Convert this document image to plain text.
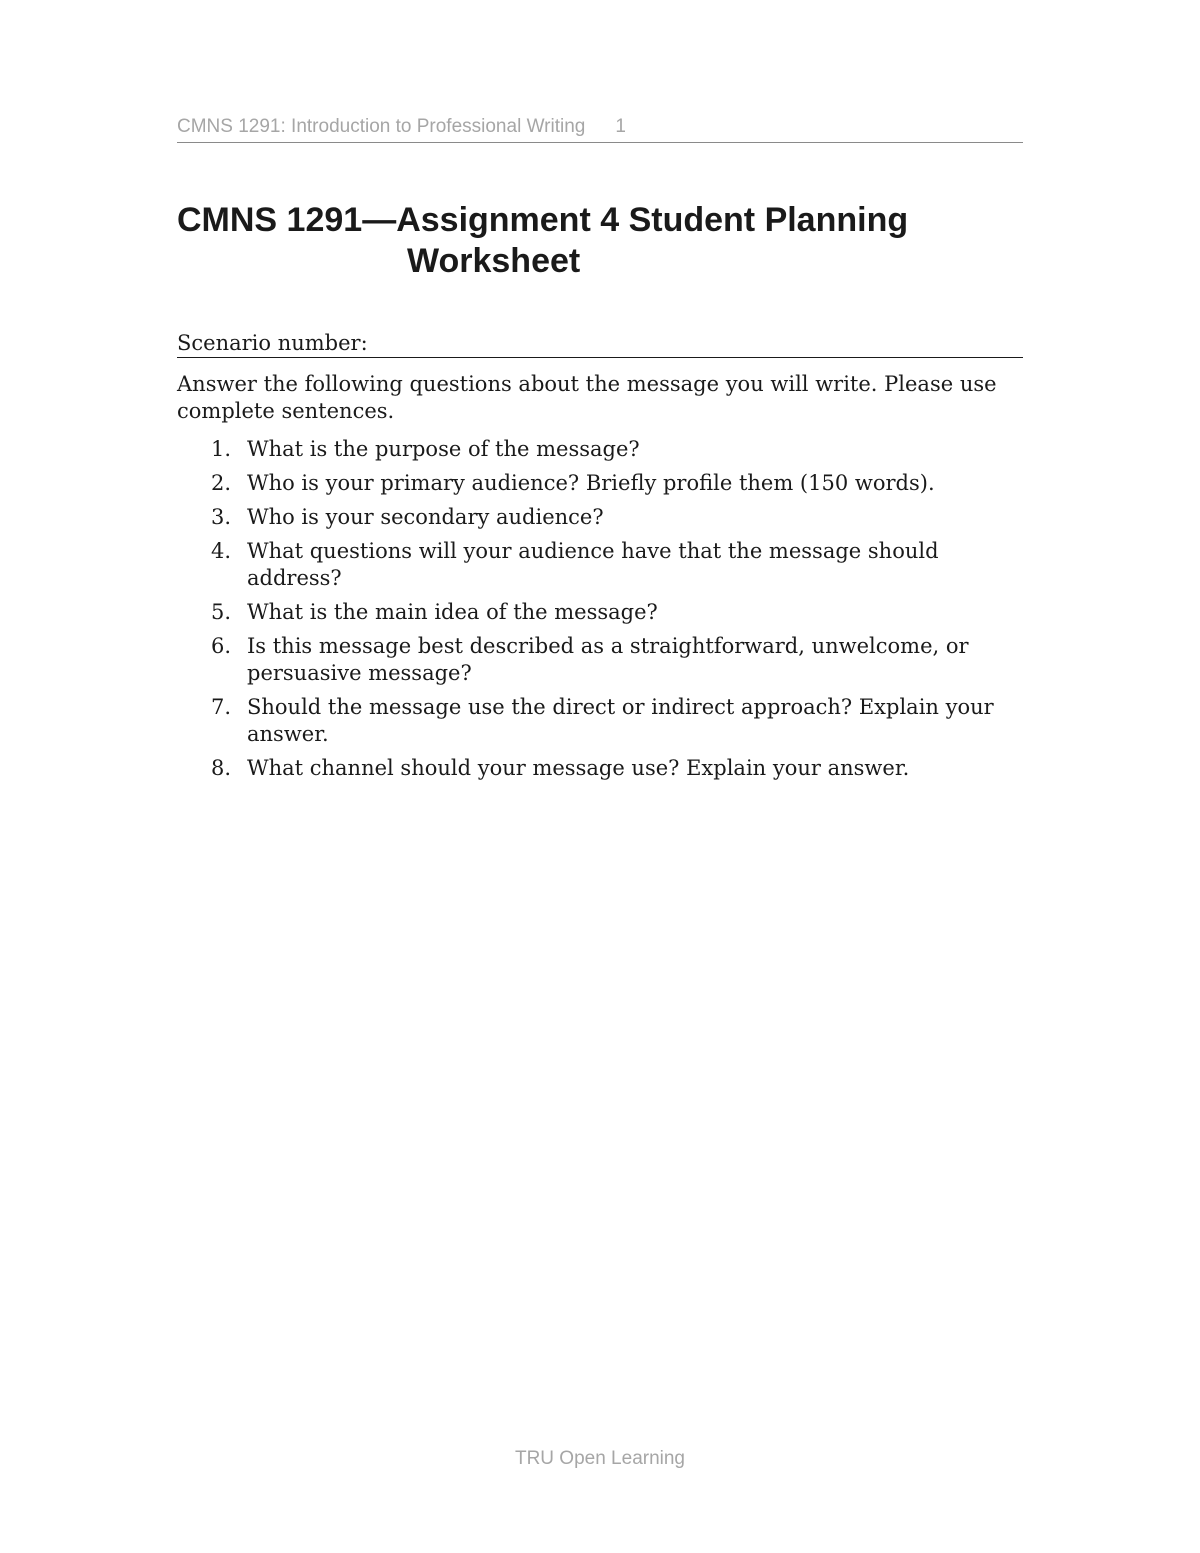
CMNS 1291: Introduction to Professional Writing 1
CMNS 1291—Assignment 4 Student Planning
Worksheet
Scenario number:

Answer the following questions about the message you will write. Please use complete sentences.

1. What is the purpose of the message?
2. Who is your primary audience? Briefly profile them (150 words).
3. Who is your secondary audience?
4. What questions will your audience have that the message should address?
5. What is the main idea of the message?
6. Is this message best described as a straightforward, unwelcome, or persuasive message?
7. Should the message use the direct or indirect approach? Explain your answer.
8. What channel should your message use? Explain your answer.
TRU Open Learning
